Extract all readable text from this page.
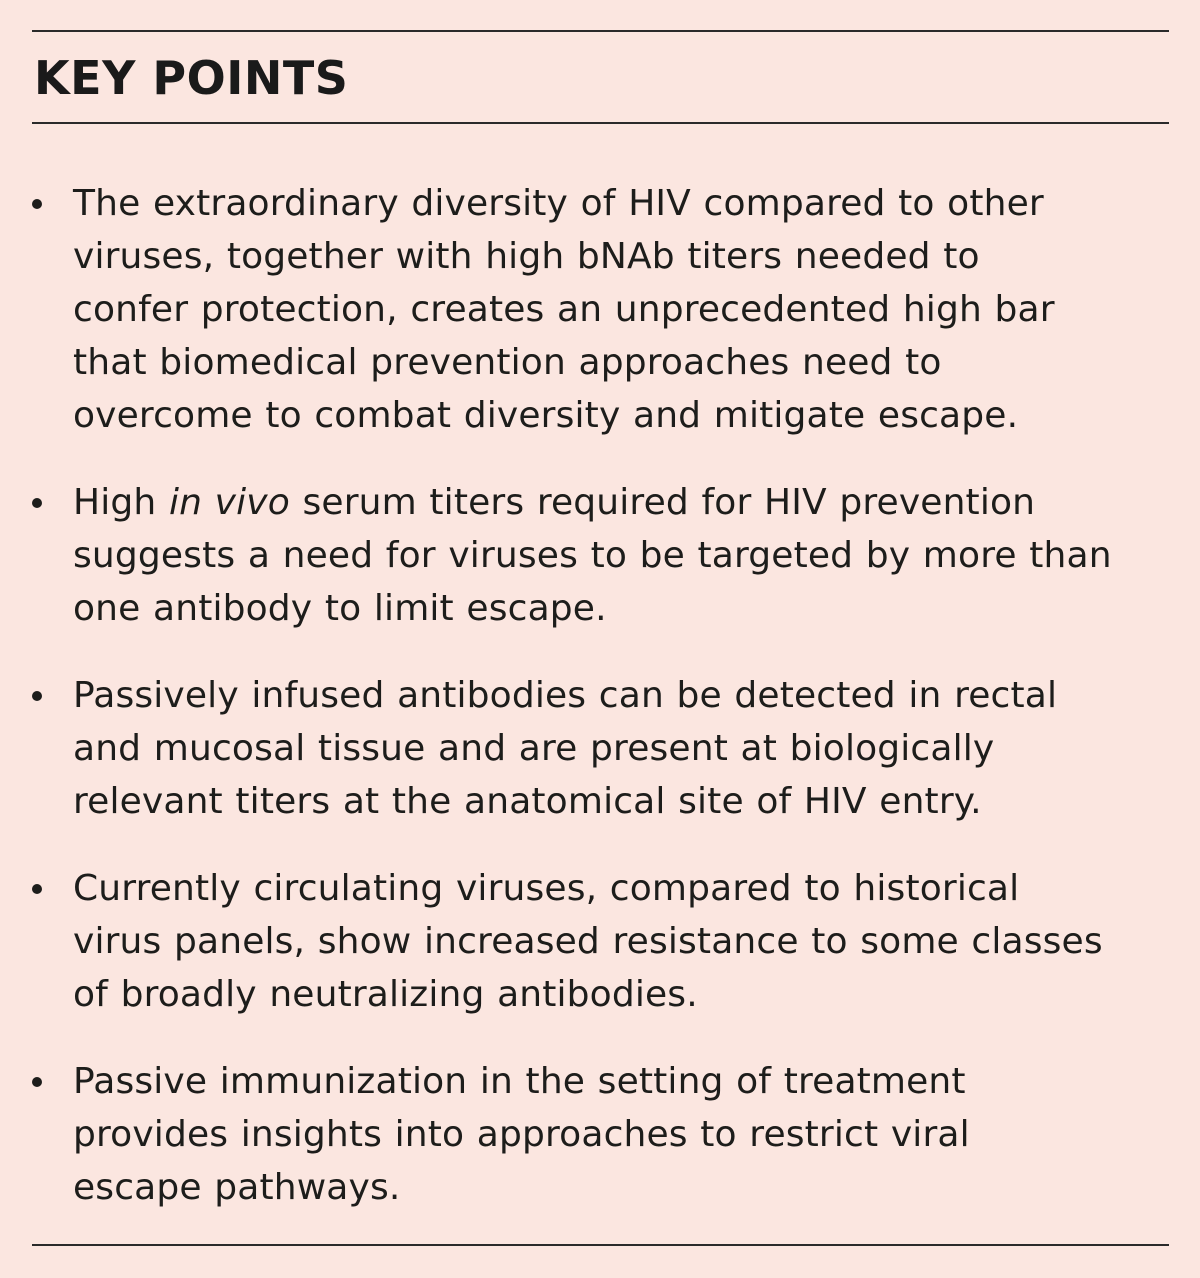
KEY POINTS
The extraordinary diversity of HIV compared to other
viruses, together with high bNAb titers needed to
confer protection, creates an unprecedented high bar
that biomedical prevention approaches need to
overcome to combat diversity and mitigate escape.
High in vivo serum titers required for HIV prevention
suggests a need for viruses to be targeted by more than
one antibody to limit escape.
Passively infused antibodies can be detected in rectal
and mucosal tissue and are present at biologically
relevant titers at the anatomical site of HIV entry.
Currently circulating viruses, compared to historical
virus panels, show increased resistance to some classes
of broadly neutralizing antibodies.
Passive immunization in the setting of treatment
provides insights into approaches to restrict viral
escape pathways.
